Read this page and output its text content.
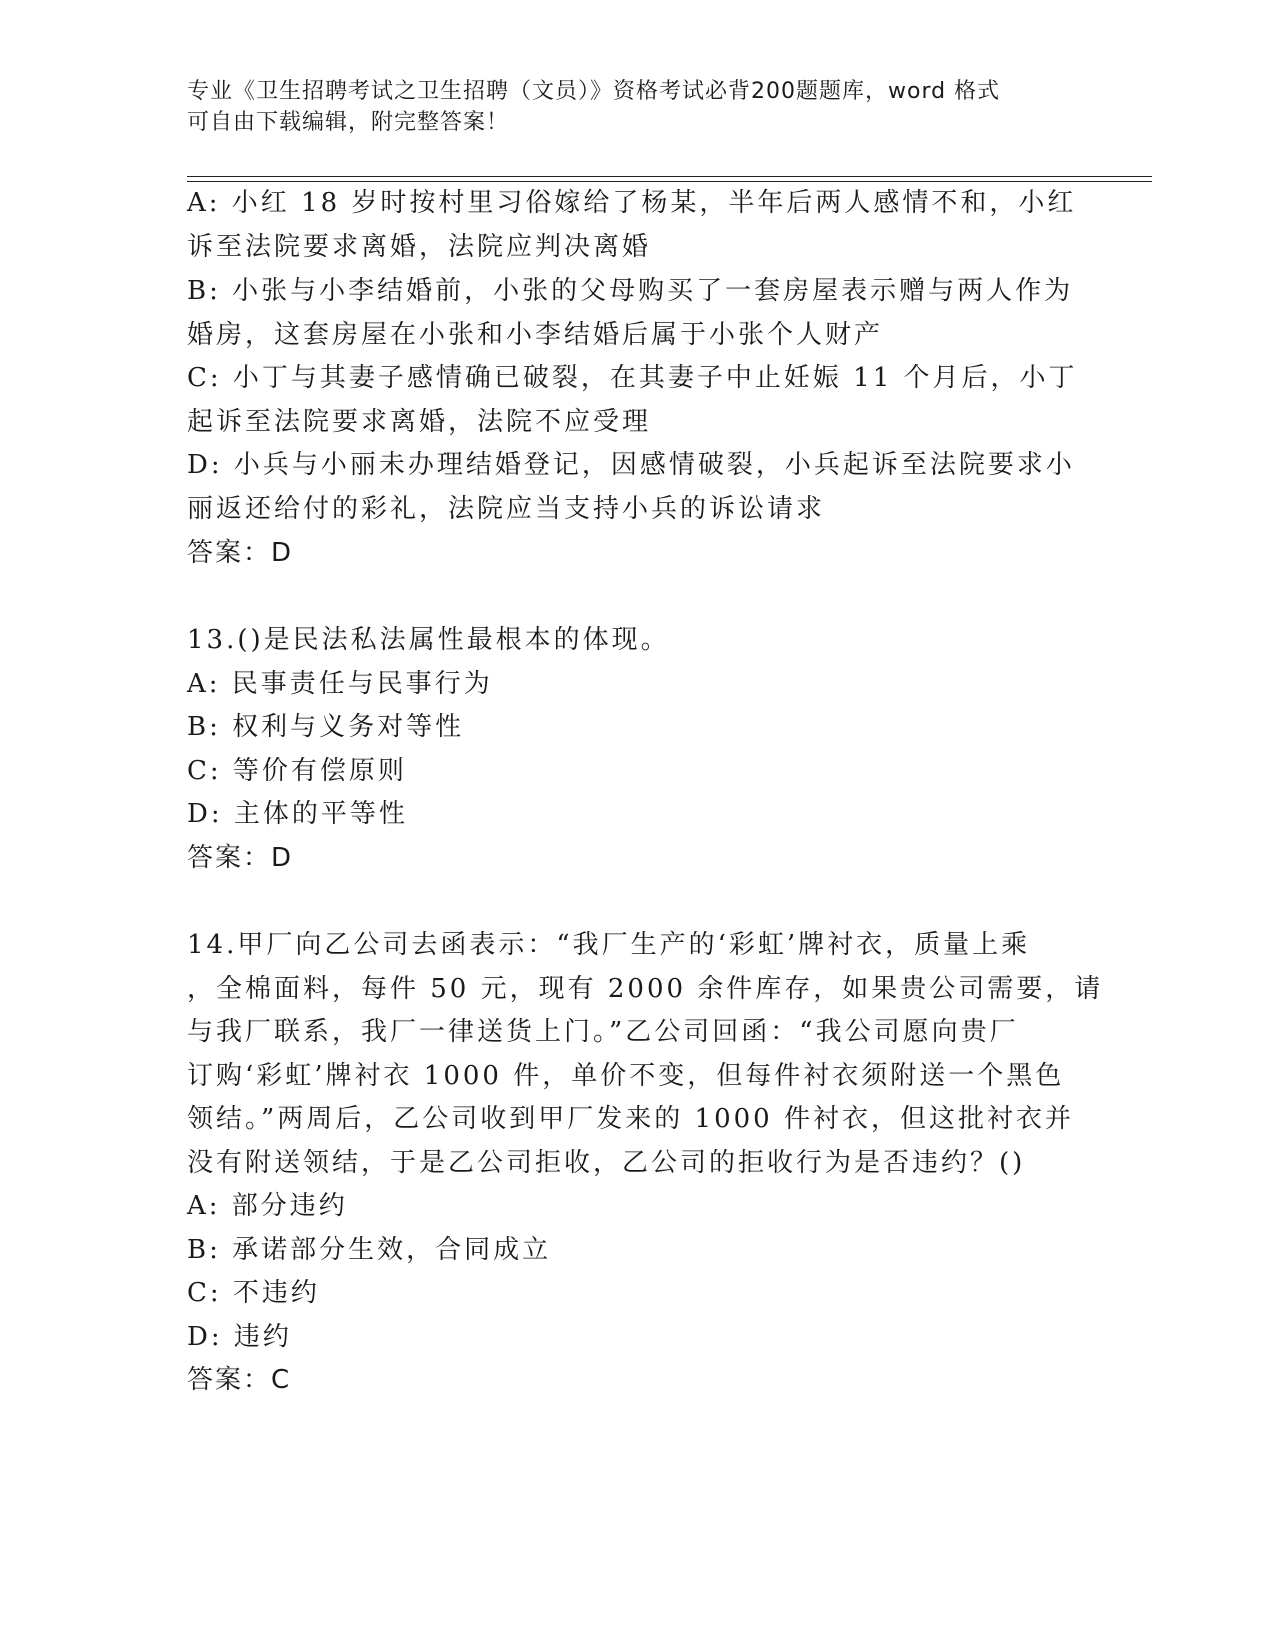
专业《卫生招聘考试之卫生招聘（文员）》资格考试必背200题题库，word 格式
可自由下载编辑，附完整答案！
A: 小红 18 岁时按村里习俗嫁给了杨某，半年后两人感情不和，小红
诉至法院要求离婚，法院应判决离婚
B: 小张与小李结婚前，小张的父母购买了一套房屋表示赠与两人作为
婚房，这套房屋在小张和小李结婚后属于小张个人财产
C: 小丁与其妻子感情确已破裂，在其妻子中止妊娠 11 个月后，小丁
起诉至法院要求离婚，法院不应受理
D: 小兵与小丽未办理结婚登记，因感情破裂，小兵起诉至法院要求小
丽返还给付的彩礼，法院应当支持小兵的诉讼请求
答案：D
13.()是民法私法属性最根本的体现。
A: 民事责任与民事行为
B: 权利与义务对等性
C: 等价有偿原则
D: 主体的平等性
答案：D
14.甲厂向乙公司去函表示：“我厂生产的‘彩虹’牌衬衣，质量上乘
，全棉面料，每件 50 元，现有 2000 余件库存，如果贵公司需要，请
与我厂联系，我厂一律送货上门。”乙公司回函：“我公司愿向贵厂
订购‘彩虹’牌衬衣 1000 件，单价不变，但每件衬衣须附送一个黑色
领结。”两周后，乙公司收到甲厂发来的 1000 件衬衣，但这批衬衣并
没有附送领结，于是乙公司拒收，乙公司的拒收行为是否违约？()
A: 部分违约
B: 承诺部分生效，合同成立
C: 不违约
D: 违约
答案：C
